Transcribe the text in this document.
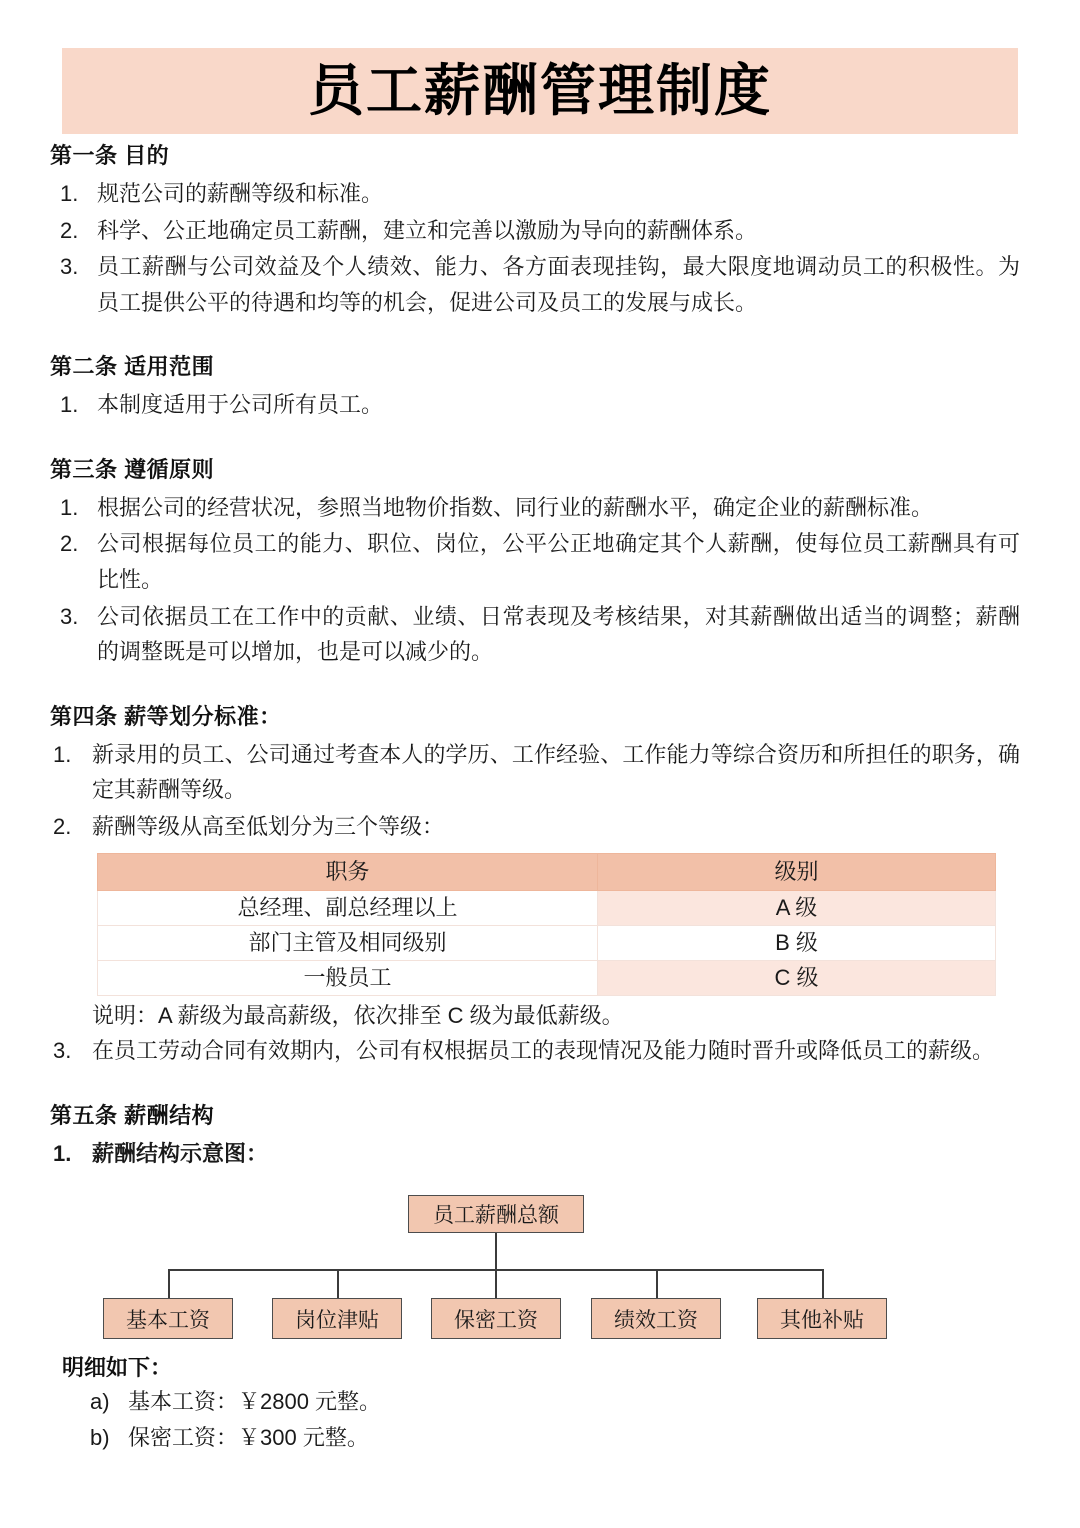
员工薪酬管理制度
第一条 目的
1. 规范公司的薪酬等级和标准。
2. 科学、公正地确定员工薪酬，建立和完善以激励为导向的薪酬体系。
3. 员工薪酬与公司效益及个人绩效、能力、各方面表现挂钩，最大限度地调动员工的积极性。为员工提供公平的待遇和均等的机会，促进公司及员工的发展与成长。
第二条 适用范围
1. 本制度适用于公司所有员工。
第三条 遵循原则
1. 根据公司的经营状况，参照当地物价指数、同行业的薪酬水平，确定企业的薪酬标准。
2. 公司根据每位员工的能力、职位、岗位，公平公正地确定其个人薪酬，使每位员工薪酬具有可比性。
3. 公司依据员工在工作中的贡献、业绩、日常表现及考核结果，对其薪酬做出适当的调整；薪酬的调整既是可以增加，也是可以减少的。
第四条 薪等划分标准：
1. 新录用的员工、公司通过考查本人的学历、工作经验、工作能力等综合资历和所担任的职务，确定其薪酬等级。
2. 薪酬等级从高至低划分为三个等级：
职务	级别
总经理、副总经理以上	A 级
部门主管及相同级别	B 级
一般员工	C 级
说明：A 薪级为最高薪级，依次排至 C 级为最低薪级。
3. 在员工劳动合同有效期内，公司有权根据员工的表现情况及能力随时晋升或降低员工的薪级。
第五条 薪酬结构
1. 薪酬结构示意图：
员工薪酬总额
基本工资	岗位津贴	保密工资	绩效工资	其他补贴
明细如下：
a) 基本工资：￥2800 元整。
b) 保密工资：￥300 元整。
